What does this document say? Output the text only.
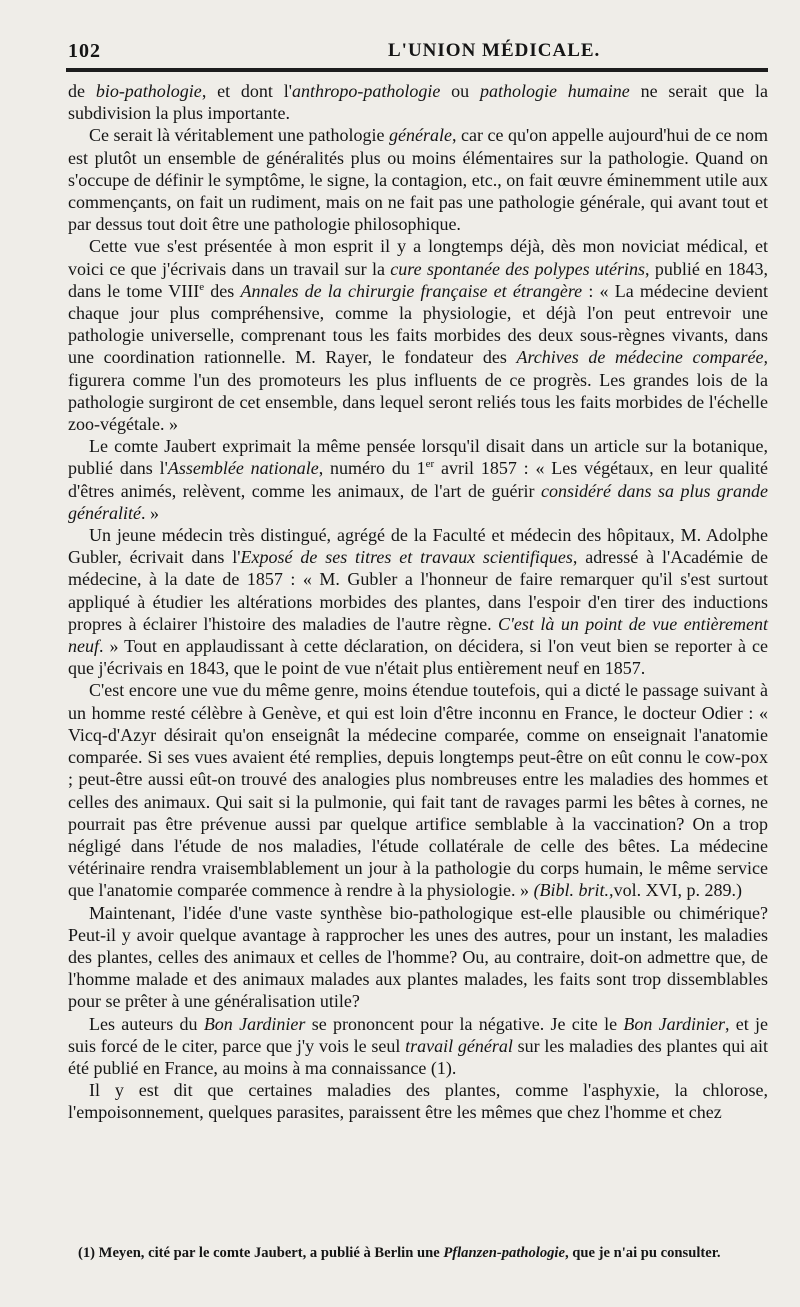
102	L'UNION MÉDICALE.

de bio-pathologie, et dont l'anthropo-pathologie ou pathologie humaine ne serait que la subdivision la plus importante.

Ce serait là véritablement une pathologie générale, car ce qu'on appelle aujourd'hui de ce nom est plutôt un ensemble de généralités plus ou moins élémentaires sur la pathologie. Quand on s'occupe de définir le symptôme, le signe, la contagion, etc., on fait œuvre éminemment utile aux commençants, on fait un rudiment, mais on ne fait pas une pathologie générale, qui avant tout et par dessus tout doit être une pathologie philosophique.

Cette vue s'est présentée à mon esprit il y a longtemps déjà, dès mon noviciat médical, et voici ce que j'écrivais dans un travail sur la cure spontanée des polypes utérins, publié en 1843, dans le tome VIIIe des Annales de la chirurgie française et étrangère : « La médecine devient chaque jour plus compréhensive, comme la physiologie, et déjà l'on peut entrevoir une pathologie universelle, comprenant tous les faits morbides des deux sous-règnes vivants, dans une coordination rationnelle. M. Rayer, le fondateur des Archives de médecine comparée, figurera comme l'un des promoteurs les plus influents de ce progrès. Les grandes lois de la pathologie surgiront de cet ensemble, dans lequel seront reliés tous les faits morbides de l'échelle zoo-végétale. »

Le comte Jaubert exprimait la même pensée lorsqu'il disait dans un article sur la botanique, publié dans l'Assemblée nationale, numéro du 1er avril 1857 : « Les végétaux, en leur qualité d'êtres animés, relèvent, comme les animaux, de l'art de guérir considéré dans sa plus grande généralité. »

Un jeune médecin très distingué, agrégé de la Faculté et médecin des hôpitaux, M. Adolphe Gubler, écrivait dans l'Exposé de ses titres et travaux scientifiques, adressé à l'Académie de médecine, à la date de 1857 : « M. Gubler a l'honneur de faire remarquer qu'il s'est surtout appliqué à étudier les altérations morbides des plantes, dans l'espoir d'en tirer des inductions propres à éclairer l'histoire des maladies de l'autre règne. C'est là un point de vue entièrement neuf. » Tout en applaudissant à cette déclaration, on décidera, si l'on veut bien se reporter à ce que j'écrivais en 1843, que le point de vue n'était plus entièrement neuf en 1857.

C'est encore une vue du même genre, moins étendue toutefois, qui a dicté le passage suivant à un homme resté célèbre à Genève, et qui est loin d'être inconnu en France, le docteur Odier : « Vicq-d'Azyr désirait qu'on enseignât la médecine comparée, comme on enseignait l'anatomie comparée. Si ses vues avaient été remplies, depuis longtemps peut-être on eût connu le cow-pox ; peut-être aussi eût-on trouvé des analogies plus nombreuses entre les maladies des hommes et celles des animaux. Qui sait si la pulmonie, qui fait tant de ravages parmi les bêtes à cornes, ne pourrait pas être prévenue aussi par quelque artifice semblable à la vaccination? On a trop négligé dans l'étude de nos maladies, l'étude collatérale de celle des bêtes. La médecine vétérinaire rendra vraisemblablement un jour à la pathologie du corps humain, le même service que l'anatomie comparée commence à rendre à la physiologie. » (Bibl. brit.,vol. XVI, p. 289.)

Maintenant, l'idée d'une vaste synthèse bio-pathologique est-elle plausible ou chimérique? Peut-il y avoir quelque avantage à rapprocher les unes des autres, pour un instant, les maladies des plantes, celles des animaux et celles de l'homme? Ou, au contraire, doit-on admettre que, de l'homme malade et des animaux malades aux plantes malades, les faits sont trop dissemblables pour se prêter à une généralisation utile?

Les auteurs du Bon Jardinier se prononcent pour la négative. Je cite le Bon Jardinier, et je suis forcé de le citer, parce que j'y vois le seul travail général sur les maladies des plantes qui ait été publié en France, au moins à ma connaissance (1).

Il y est dit que certaines maladies des plantes, comme l'asphyxie, la chlorose, l'empoisonnement, quelques parasites, paraissent être les mêmes que chez l'homme et chez

(1) Meyen, cité par le comte Jaubert, a publié à Berlin une Pflanzen-pathologie, que je n'ai pu consulter.
